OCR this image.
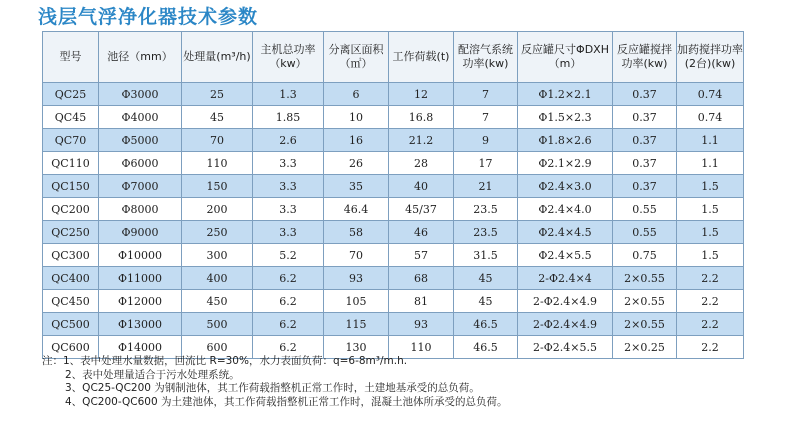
浅层气浮净化器技术参数
型号	池径（mm）	处理量(m³/h)	主机总功率（kw）	分离区面积（㎡）	工作荷载(t)	配溶气系统功率(kw)	反应罐尺寸ΦDXH（m）	反应罐搅拌功率(kw)	加药搅拌功率(2台)(kw)
QC25	Φ3000	25	1.3	6	12	7	Φ1.2×2.1	0.37	0.74
QC45	Φ4000	45	1.85	10	16.8	7	Φ1.5×2.3	0.37	0.74
QC70	Φ5000	70	2.6	16	21.2	9	Φ1.8×2.6	0.37	1.1
QC110	Φ6000	110	3.3	26	28	17	Φ2.1×2.9	0.37	1.1
QC150	Φ7000	150	3.3	35	40	21	Φ2.4×3.0	0.37	1.5
QC200	Φ8000	200	3.3	46.4	45/37	23.5	Φ2.4×4.0	0.55	1.5
QC250	Φ9000	250	3.3	58	46	23.5	Φ2.4×4.5	0.55	1.5
QC300	Φ10000	300	5.2	70	57	31.5	Φ2.4×5.5	0.75	1.5
QC400	Φ11000	400	6.2	93	68	45	2-Φ2.4×4	2×0.55	2.2
QC450	Φ12000	450	6.2	105	81	45	2-Φ2.4×4.9	2×0.55	2.2
QC500	Φ13000	500	6.2	115	93	46.5	2-Φ2.4×4.9	2×0.55	2.2
QC600	Φ14000	600	6.2	130	110	46.5	2-Φ2.4×5.5	2×0.25	2.2
注：1、表中处理水量数据，回流比 R=30%，水力表面负荷：q=6-8m³/m.h.
2、表中处理量适合于污水处理系统。
3、QC25-QC200 为钢制池体，其工作荷载指整机正常工作时，土建地基承受的总负荷。
4、QC200-QC600 为土建池体，其工作荷载指整机正常工作时，混凝土池体所承受的总负荷。
